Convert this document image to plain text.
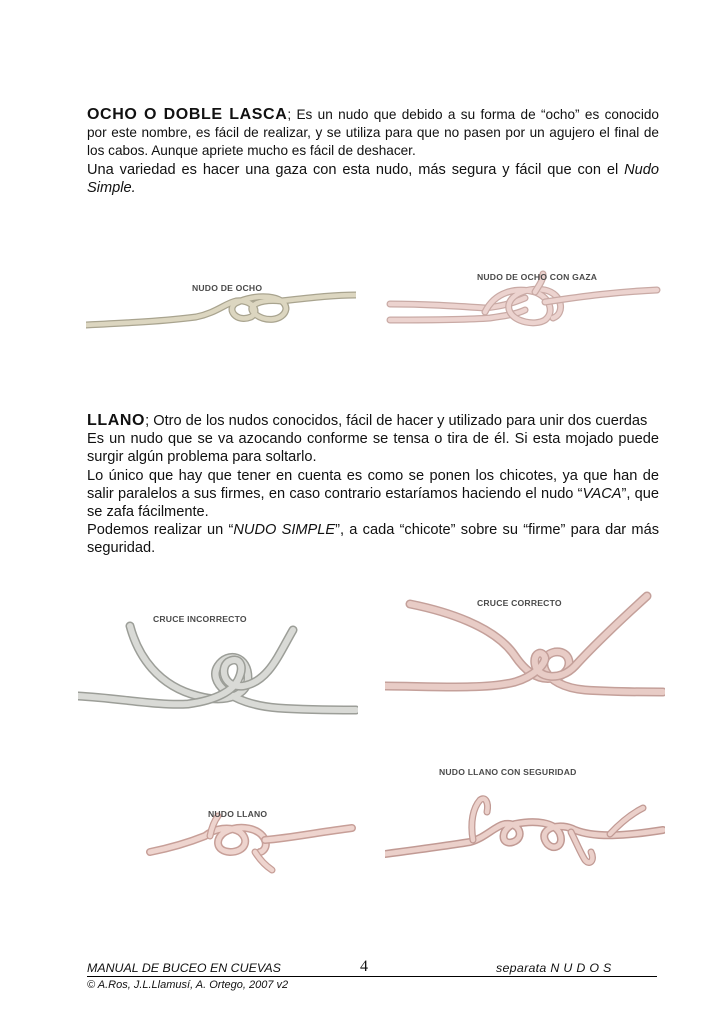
OCHO O DOBLE LASCA; Es un nudo que debido a su forma de “ocho” es conocido por este nombre, es fácil de realizar, y se utiliza para que no pasen por un agujero el final de los cabos. Aunque apriete mucho es fácil de deshacer.
Una variedad es hacer una gaza con esta nudo, más segura y fácil que con el Nudo Simple.

NUDO DE OCHO
NUDO DE OCHO CON GAZA

LLANO; Otro de los nudos conocidos, fácil de hacer y utilizado para unir dos cuerdas
Es un nudo que se va azocando conforme se tensa o tira de él. Si esta mojado puede surgir algún problema para soltarlo.
Lo único que hay que tener en cuenta es como se ponen los chicotes, ya que han de salir paralelos a sus firmes, en caso contrario estaríamos haciendo el nudo “VACA”, que se zafa fácilmente.
Podemos realizar un “NUDO SIMPLE”, a cada “chicote” sobre su “firme” para dar más seguridad.

CRUCE INCORRECTO
CRUCE CORRECTO
NUDO LLANO
NUDO LLANO CON SEGURIDAD
MANUAL DE BUCEO EN CUEVAS	4	separata N U D O S
© A.Ros, J.L.Llamusí, A. Ortego, 2007 v2
